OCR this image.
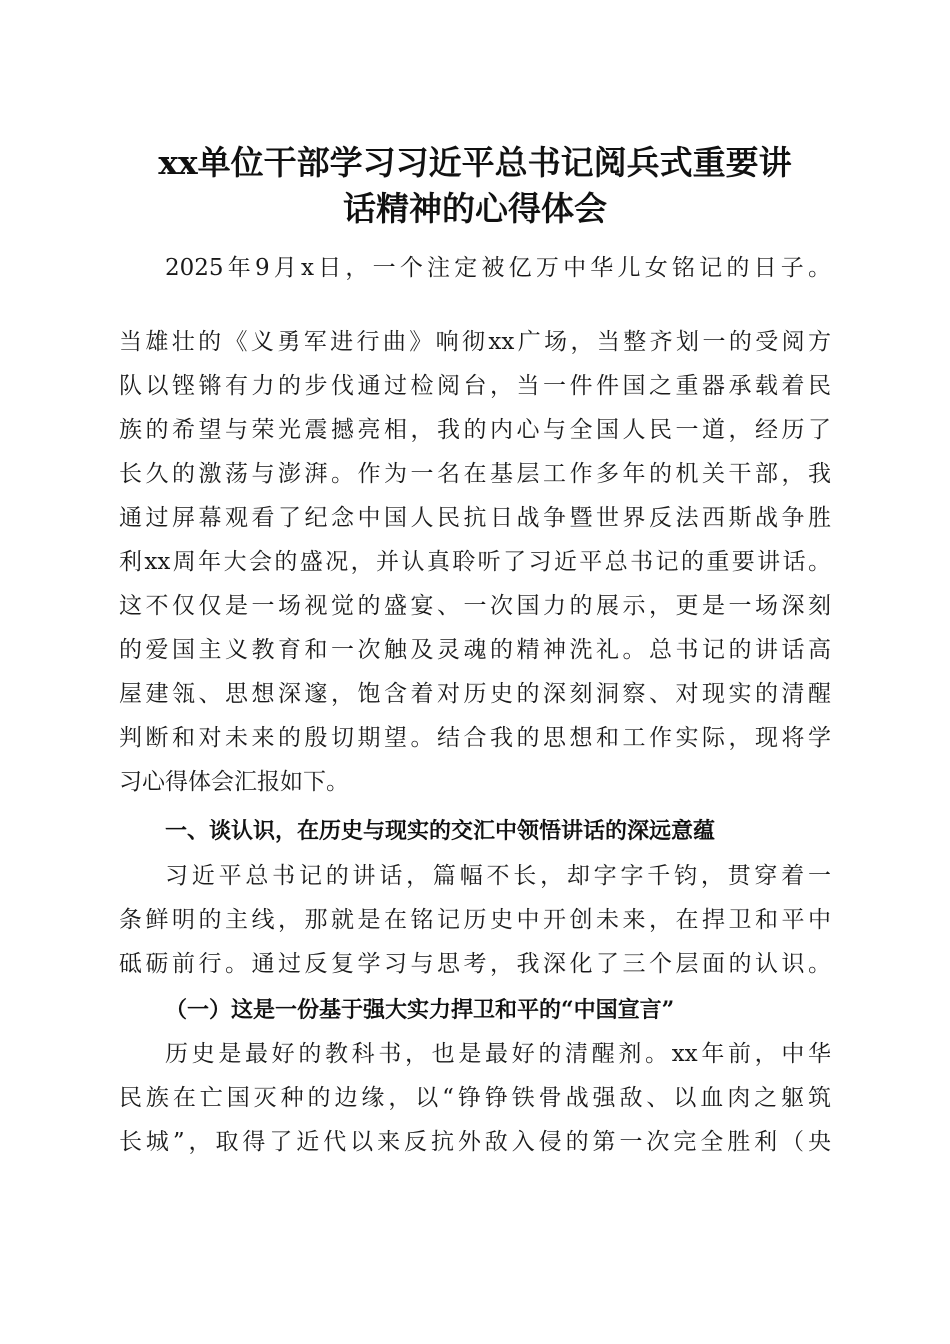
xx单位干部学习习近平总书记阅兵式重要讲
话精神的心得体会

2025年9月x日，一个注定被亿万中华儿女铭记的日子。

当雄壮的《义勇军进行曲》响彻xx广场，当整齐划一的受阅方

队以铿锵有力的步伐通过检阅台，当一件件国之重器承载着民

族的希望与荣光震撼亮相，我的内心与全国人民一道，经历了

长久的激荡与澎湃。作为一名在基层工作多年的机关干部，我

通过屏幕观看了纪念中国人民抗日战争暨世界反法西斯战争胜

利xx周年大会的盛况，并认真聆听了习近平总书记的重要讲话。

这不仅仅是一场视觉的盛宴、一次国力的展示，更是一场深刻

的爱国主义教育和一次触及灵魂的精神洗礼。总书记的讲话高

屋建瓴、思想深邃，饱含着对历史的深刻洞察、对现实的清醒

判断和对未来的殷切期望。结合我的思想和工作实际，现将学

习心得体会汇报如下。

一、谈认识，在历史与现实的交汇中领悟讲话的深远意蕴

习近平总书记的讲话，篇幅不长，却字字千钧，贯穿着一

条鲜明的主线，那就是在铭记历史中开创未来，在捍卫和平中

砥砺前行。通过反复学习与思考，我深化了三个层面的认识。

（一）这是一份基于强大实力捍卫和平的“中国宣言”

历史是最好的教科书，也是最好的清醒剂。xx年前，中华

民族在亡国灭种的边缘，以“铮铮铁骨战强敌、以血肉之躯筑

长城”，取得了近代以来反抗外敌入侵的第一次完全胜利（央
